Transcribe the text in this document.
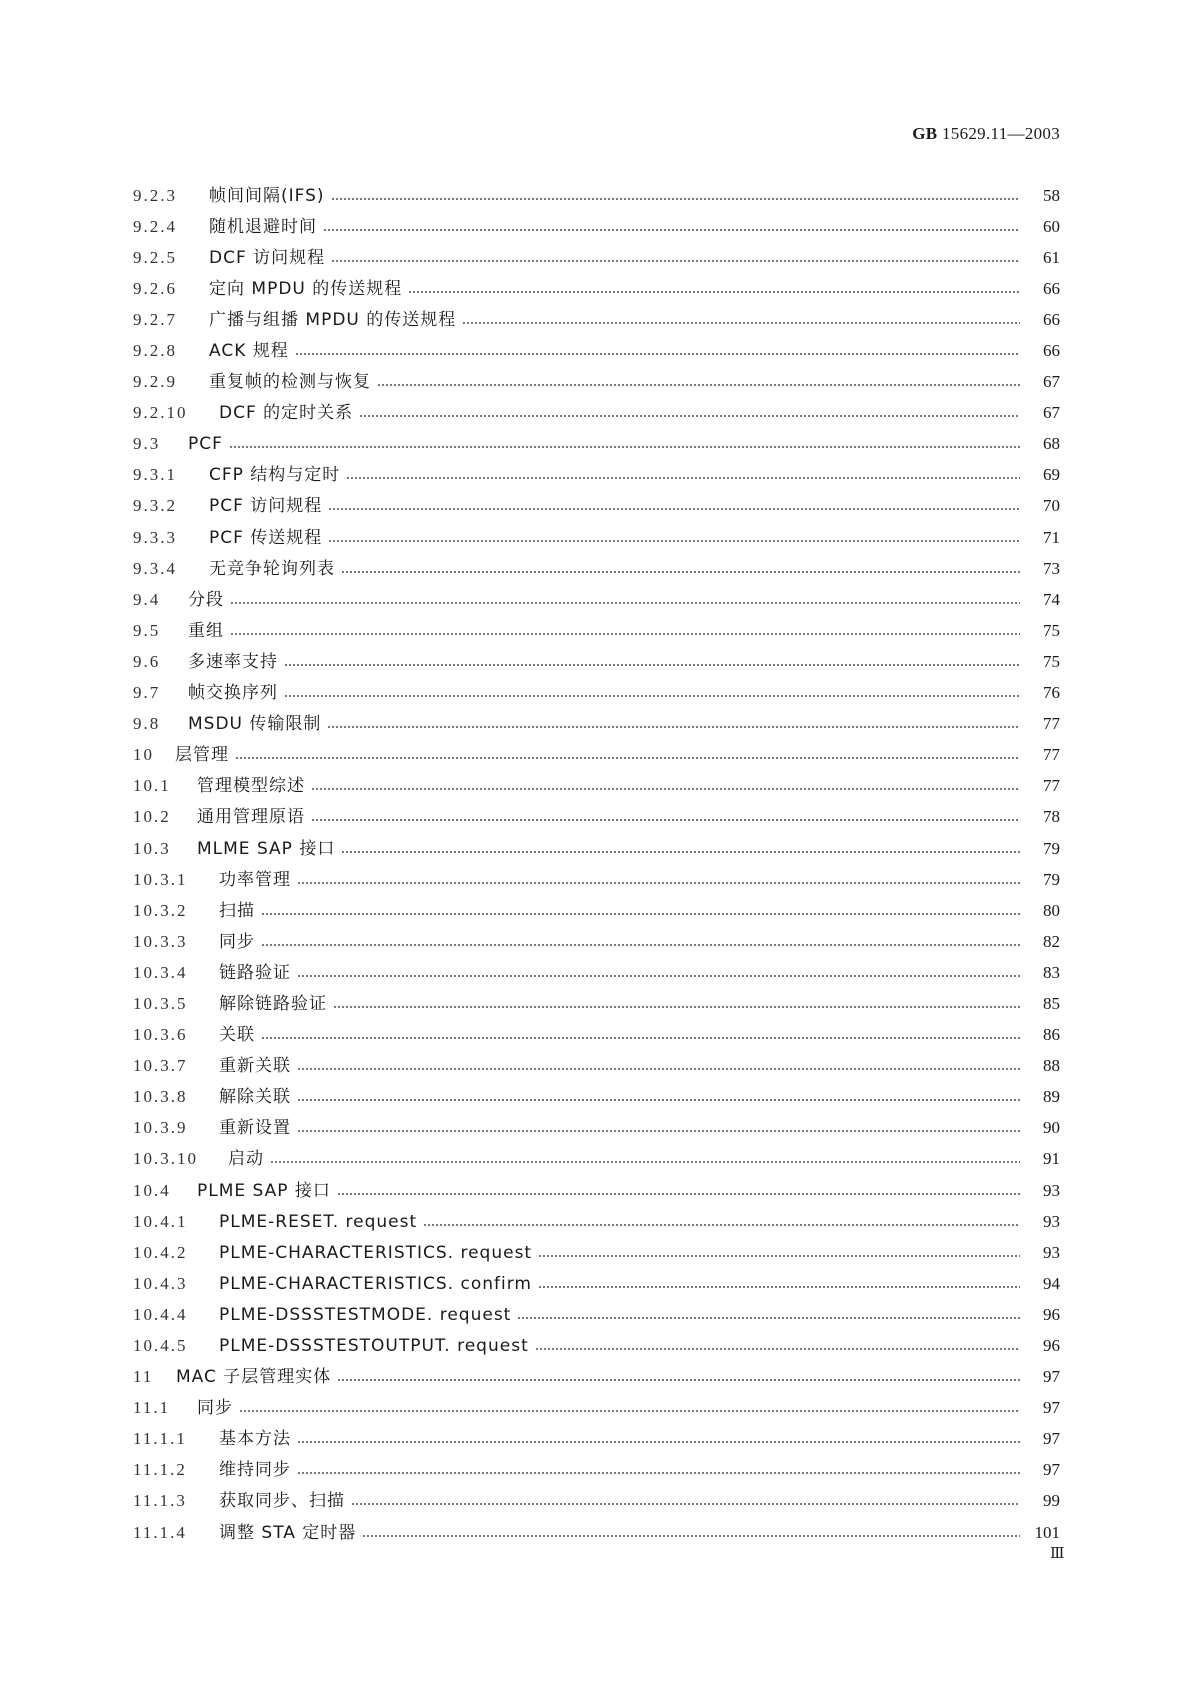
GB 15629.11—2003
9.2.3	帧间间隔(IFS)	58
9.2.4	随机退避时间	60
9.2.5	DCF 访问规程	61
9.2.6	定向 MPDU 的传送规程	66
9.2.7	广播与组播 MPDU 的传送规程	66
9.2.8	ACK 规程	66
9.2.9	重复帧的检测与恢复	67
9.2.10	DCF 的定时关系	67
9.3	PCF	68
9.3.1	CFP 结构与定时	69
9.3.2	PCF 访问规程	70
9.3.3	PCF 传送规程	71
9.3.4	无竞争轮询列表	73
9.4	分段	74
9.5	重组	75
9.6	多速率支持	75
9.7	帧交换序列	76
9.8	MSDU 传输限制	77
10	层管理	77
10.1	管理模型综述	77
10.2	通用管理原语	78
10.3	MLME SAP 接口	79
10.3.1	功率管理	79
10.3.2	扫描	80
10.3.3	同步	82
10.3.4	链路验证	83
10.3.5	解除链路验证	85
10.3.6	关联	86
10.3.7	重新关联	88
10.3.8	解除关联	89
10.3.9	重新设置	90
10.3.10	启动	91
10.4	PLME SAP 接口	93
10.4.1	PLME-RESET. request	93
10.4.2	PLME-CHARACTERISTICS. request	93
10.4.3	PLME-CHARACTERISTICS. confirm	94
10.4.4	PLME-DSSSTESTMODE. request	96
10.4.5	PLME-DSSSTESTOUTPUT. request	96
11	MAC 子层管理实体	97
11.1	同步	97
11.1.1	基本方法	97
11.1.2	维持同步	97
11.1.3	获取同步、扫描	99
11.1.4	调整 STA 定时器	101
Ⅲ
